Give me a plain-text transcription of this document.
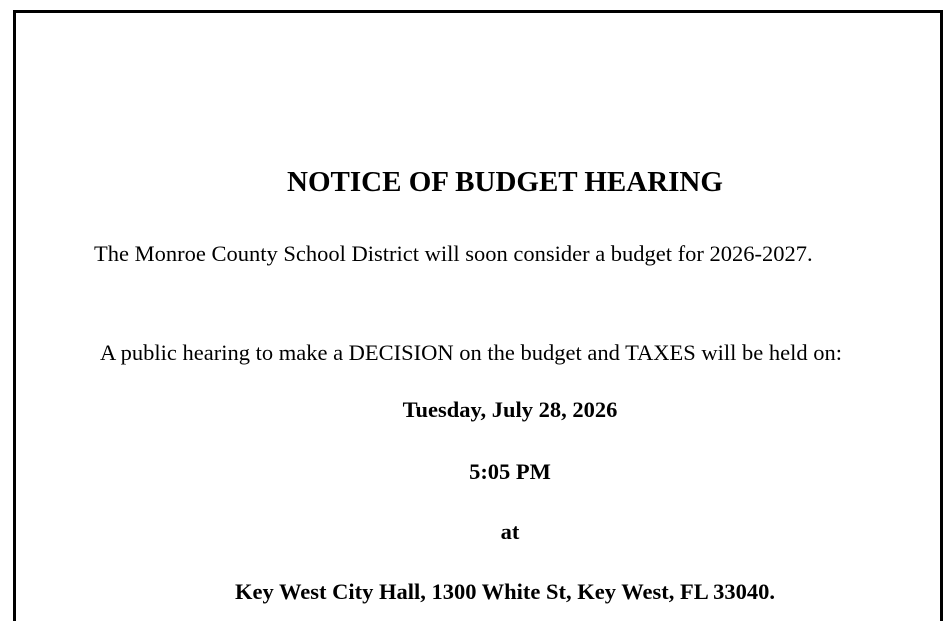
NOTICE OF BUDGET HEARING

The Monroe County School District will soon consider a budget for 2026-2027.

A public hearing to make a DECISION on the budget and TAXES will be held on:

Tuesday, July 28, 2026

5:05 PM

at

Key West City Hall, 1300 White St, Key West, FL 33040.
